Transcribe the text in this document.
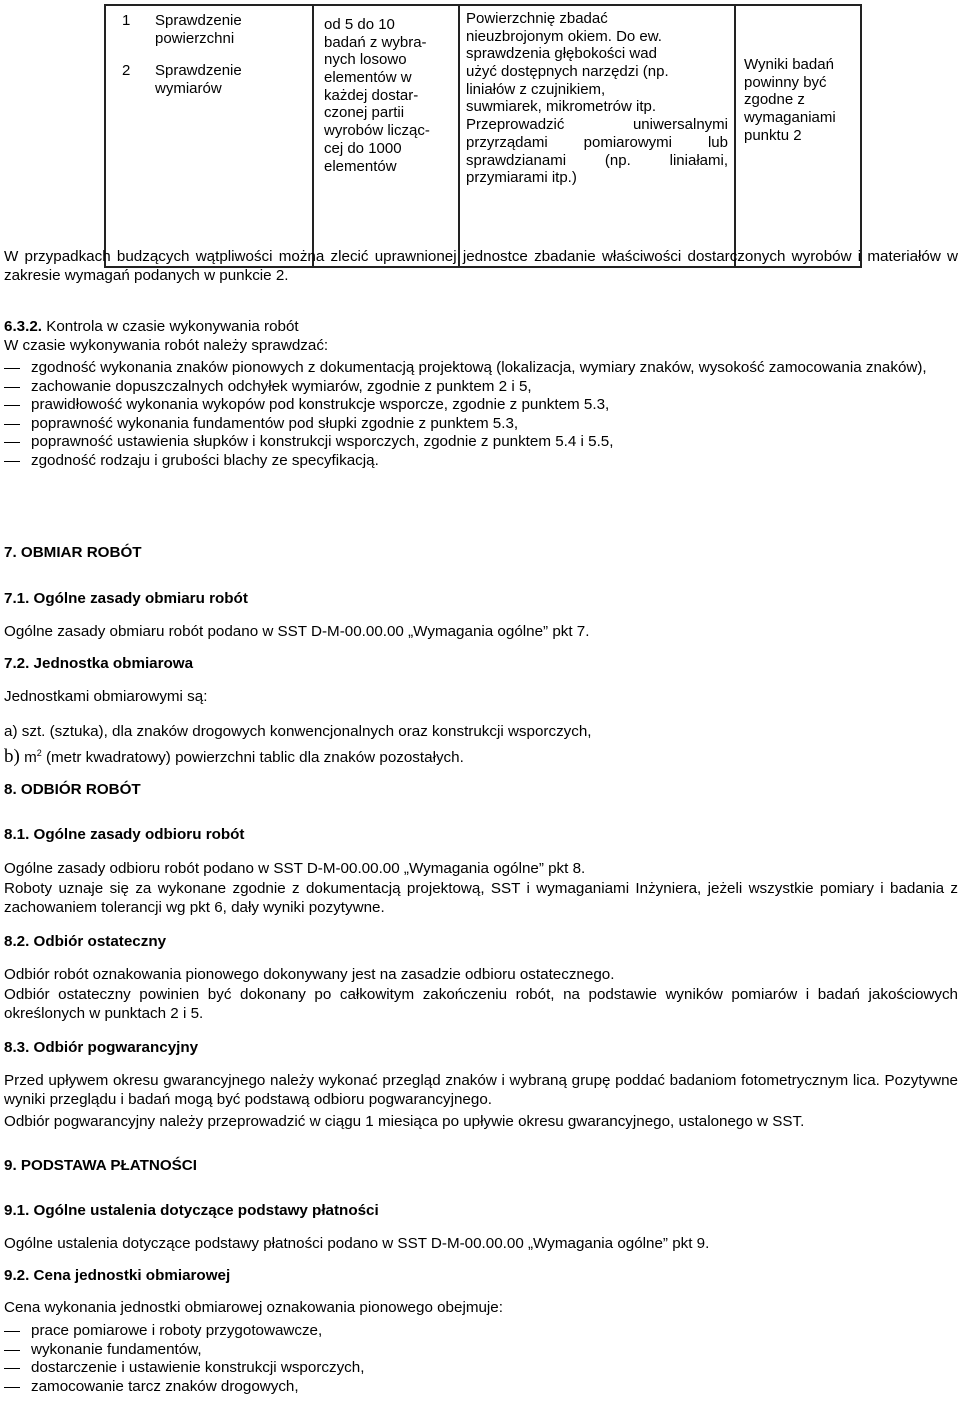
1	Sprawdzenie powierzchni
2	Sprawdzenie wymiarów

od 5 do 10
badań z wybra-
nych losowo
elementów w
każdej dostar-
czonej partii
wyrobów licząc-
cej do 1000
elementów

Powierzchnię zbadać
nieuzbrojonym okiem. Do ew.
sprawdzenia głębokości wad
użyć dostępnych narzędzi (np.
liniałów z czujnikiem,
suwmiarek, mikrometrów itp.
Przeprowadzić uniwersalnymi
przyrządami pomiarowymi lub
sprawdzianami (np. liniałami,
przymiarami itp.)

Wyniki badań
powinny być
zgodne z
wymaganiami
punktu 2

W przypadkach budzących wątpliwości można zlecić uprawnionej jednostce zbadanie właściwości dostarczonych wyrobów i materiałów w zakresie wymagań podanych w punkcie 2.

6.3.2. Kontrola w czasie wykonywania robót

W czasie wykonywania robót należy sprawdzać:

zgodność wykonania znaków pionowych z dokumentacją projektową (lokalizacja, wymiary znaków, wysokość zamocowania znaków),

zachowanie dopuszczalnych odchyłek wymiarów, zgodnie z punktem 2 i 5,

prawidłowość wykonania wykopów pod konstrukcje wsporcze, zgodnie z punktem 5.3,

poprawność wykonania fundamentów pod słupki zgodnie z punktem 5.3,

poprawność ustawienia słupków i konstrukcji wsporczych, zgodnie z punktem 5.4 i 5.5,

zgodność rodzaju i grubości blachy ze specyfikacją.

7. OBMIAR ROBÓT

7.1. Ogólne zasady obmiaru robót

Ogólne zasady obmiaru robót podano w SST D-M-00.00.00 „Wymagania ogólne” pkt 7.

7.2. Jednostka obmiarowa

Jednostkami obmiarowymi są:

a) szt. (sztuka), dla znaków drogowych konwencjonalnych oraz konstrukcji wsporczych,

b) $m^2$ (metr kwadratowy) powierzchni tablic dla znaków pozostałych.

8. ODBIÓR ROBÓT

8.1. Ogólne zasady odbioru robót

Ogólne zasady odbioru robót podano w SST D-M-00.00.00 „Wymagania ogólne” pkt 8.

Roboty uznaje się za wykonane zgodnie z dokumentacją projektową, SST i wymaganiami Inżyniera, jeżeli wszystkie pomiary i badania z zachowaniem tolerancji wg pkt 6, dały wyniki pozytywne.

8.2. Odbiór ostateczny

Odbiór robót oznakowania pionowego dokonywany jest na zasadzie odbioru ostatecznego.

Odbiór ostateczny powinien być dokonany po całkowitym zakończeniu robót, na podstawie wyników pomiarów i badań jakościowych określonych w punktach 2 i 5.

8.3. Odbiór pogwarancyjny

Przed upływem okresu gwarancyjnego należy wykonać przegląd znaków i wybraną grupę poddać badaniom fotometrycznym lica. Pozytywne wyniki przeglądu i badań mogą być podstawą odbioru pogwarancyjnego.

Odbiór pogwarancyjny należy przeprowadzić w ciągu 1 miesiąca po upływie okresu gwarancyjnego, ustalonego w SST.

9. PODSTAWA PŁATNOŚCI

9.1. Ogólne ustalenia dotyczące podstawy płatności

Ogólne ustalenia dotyczące podstawy płatności podano w SST D-M-00.00.00 „Wymagania ogólne” pkt 9.

9.2. Cena jednostki obmiarowej

Cena wykonania jednostki obmiarowej oznakowania pionowego obejmuje:

prace pomiarowe i roboty przygotowawcze,

wykonanie fundamentów,

dostarczenie i ustawienie konstrukcji wsporczych,

zamocowanie tarcz znaków drogowych,
